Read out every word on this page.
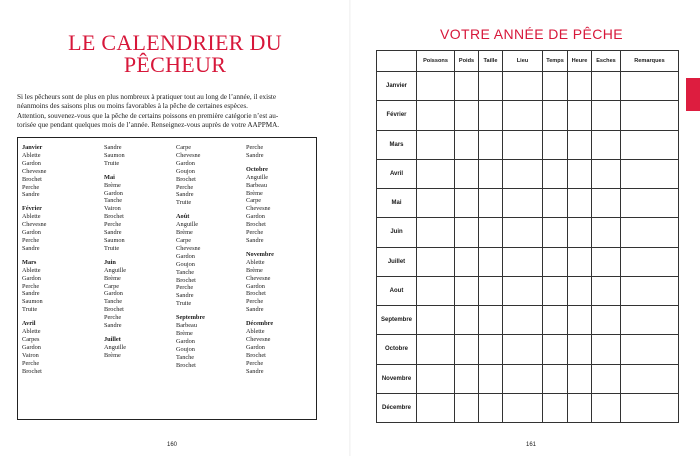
LE CALENDRIER DU
PÊCHEUR
Si les pêcheurs sont de plus en plus nombreux à pratiquer tout au long de l’année, il existe
néanmoins des saisons plus ou moins favorables à la pêche de certaines espèces.
Attention, souvenez-vous que la pêche de certains poissons en première catégorie n’est au-
torisée que pendant quelques mois de l’année. Renseignez-vous auprès de votre AAPPMA.
Janvier
Ablette
Gardon
Chevesne
Brochet
Perche
Sandre
Février
Ablette
Chevesne
Gardon
Perche
Sandre
Mars
Ablette
Gardon
Perche
Sandre
Saumon
Truite
Avril
Ablette
Carpes
Gardon
Vairon
Perche
Brochet
Sandre
Saumon
Truite
Mai
Brème
Gardon
Tanche
Vairon
Brochet
Perche
Sandre
Saumon
Truite
Juin
Anguille
Brème
Carpe
Gardon
Tanche
Brochet
Perche
Sandre
Juillet
Anguille
Brème
Carpe
Chevesne
Gardon
Goujon
Brochet
Perche
Sandre
Truite
Août
Anguille
Brème
Carpe
Chevesne
Gardon
Goujon
Tanche
Brochet
Perche
Sandre
Truite
Septembre
Barbeau
Brème
Gardon
Goujon
Tanche
Brochet
Perche
Sandre
Octobre
Anguille
Barbeau
Brème
Carpe
Chevesne
Gardon
Brochet
Perche
Sandre
Novembre
Ablette
Brème
Chevesne
Gardon
Brochet
Perche
Sandre
Décembre
Ablette
Chevesne
Gardon
Brochet
Perche
Sandre
160
VOTRE ANNÉE DE PÊCHE
	Poissons	Poids	Taille	Lieu	Temps	Heure	Esches	Remarques
Janvier								
Février								
Mars								
Avril								
Mai								
Juin								
Juillet								
Aout								
Septembre								
Octobre								
Novembre								
Décembre								
161
